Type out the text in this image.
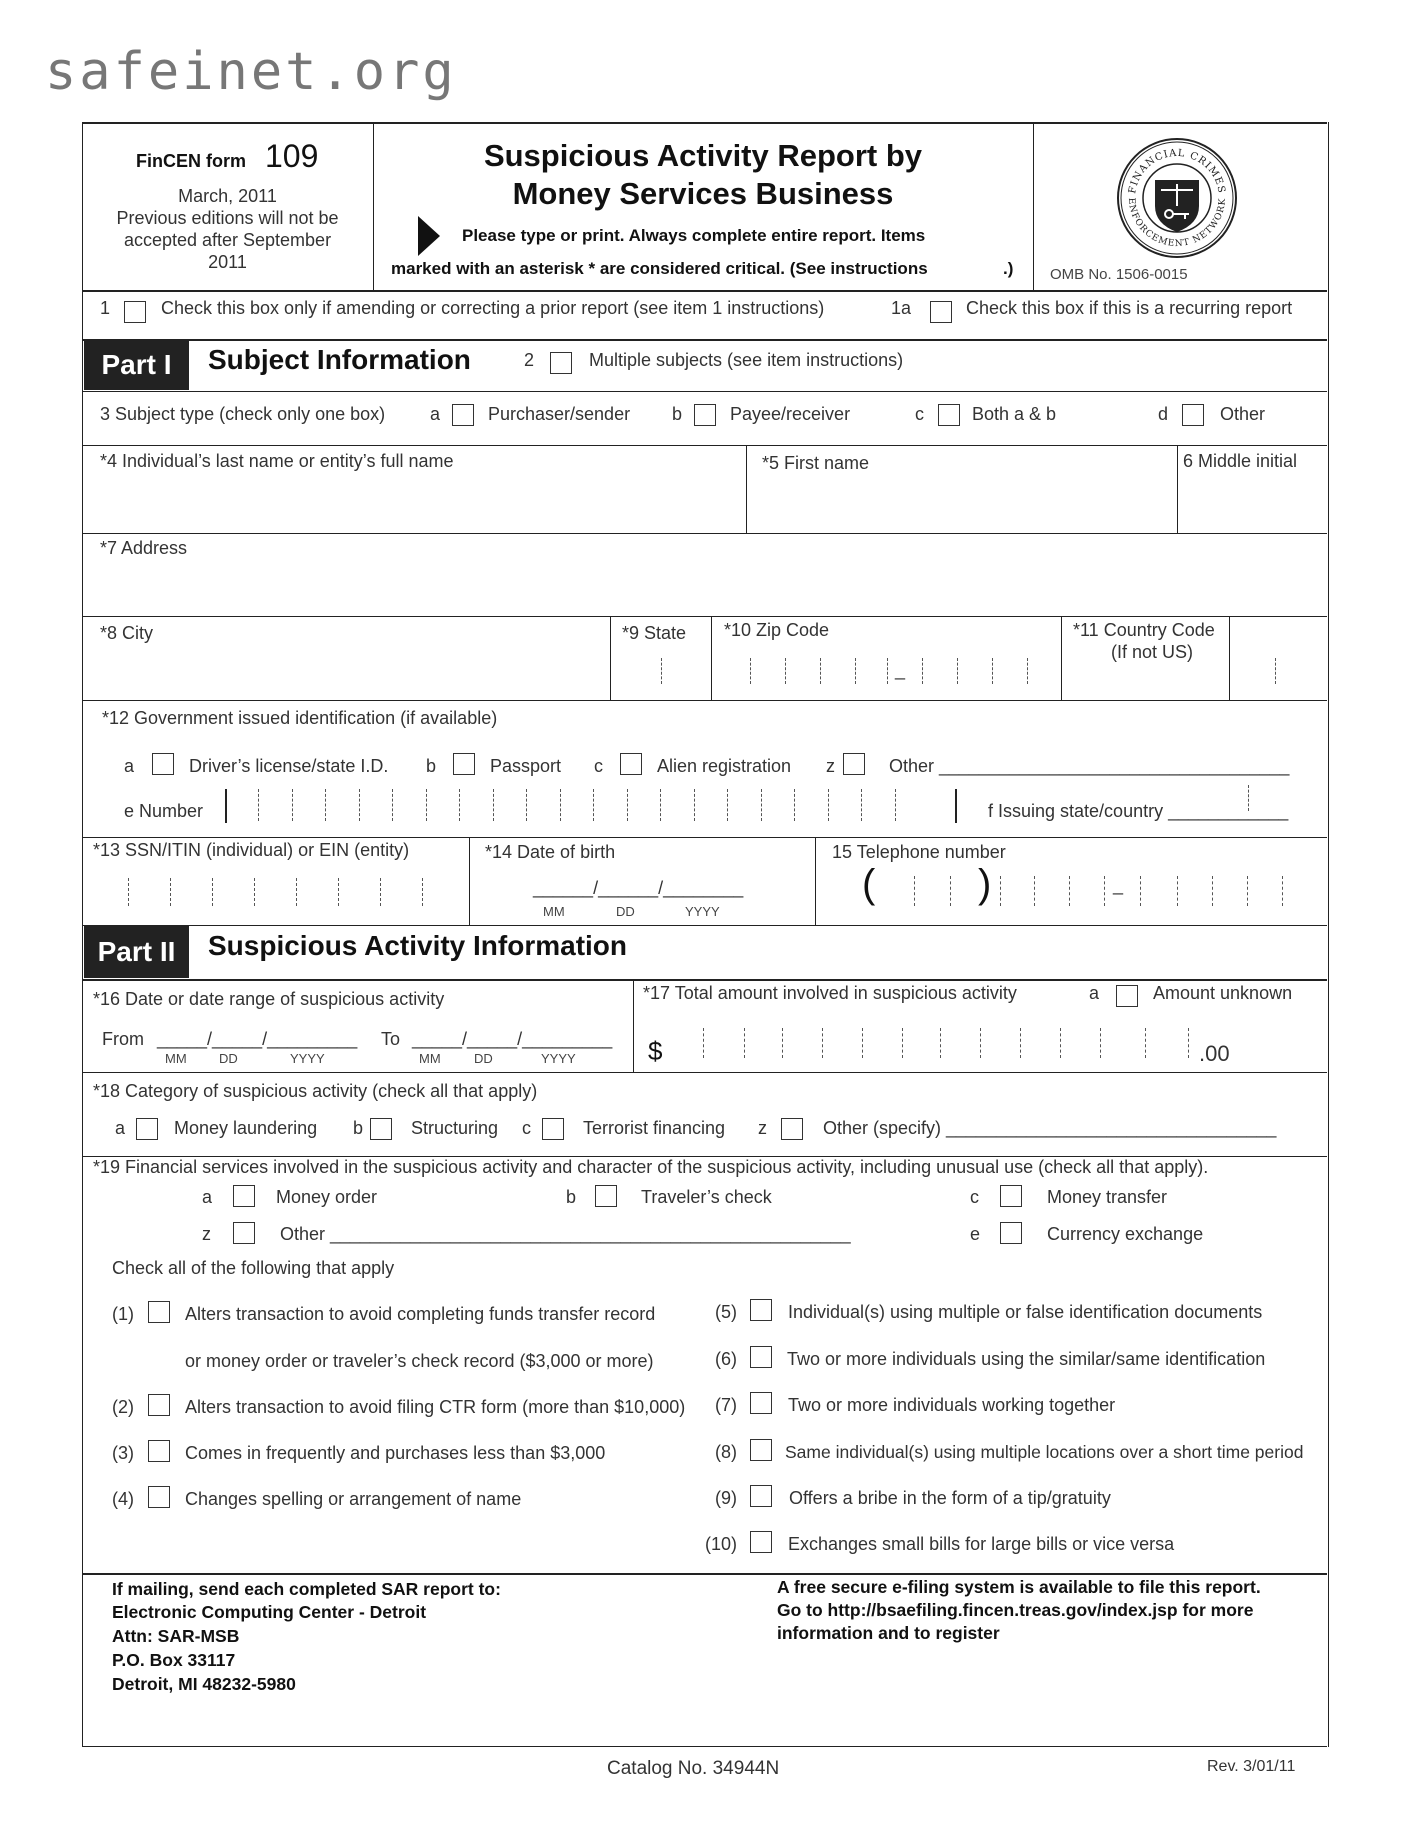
safeinet.org
FinCEN form 109
March, 2011
Previous editions will not be
accepted after September
2011
Suspicious Activity Report by
Money Services Business
Please type or print. Always complete entire report. Items
marked with an asterisk * are considered critical. (See instructions	.)
FINANCIAL CRIMES
ENFORCEMENT NETWORK
OMB No. 1506-0015
1	Check this box only if amending or correcting a prior report (see item 1 instructions)	1a	Check this box if this is a recurring report
Part I	Subject Information	2	Multiple subjects (see item instructions)
3 Subject type (check only one box) a	Purchaser/sender b	Payee/receiver	c	Both a & b	d	Other
*4 Individual’s last name or entity’s full name	*5 First name	6 Middle initial
*7 Address
*8 City	*9 State *10 Zip Code	*11 Country Code
(If not US)
_
*12 Government issued identification (if available)
a	Driver’s license/state I.D. b	Passport c	Alien registration z	Other ___________________________________
e Number	f Issuing state/country ____________
*13 SSN/ITIN (individual) or EIN (entity)	*14 Date of birth
______/______/________
MM	DD	YYYY
15 Telephone number
(	)	_
Part II	Suspicious Activity Information
*16 Date or date range of suspicious activity
From _____/_____/_________
MM DD	YYYY
To _____/_____/_________
MM	DD	YYYY
*17 Total amount involved in suspicious activity	a	Amount unknown
$	.00
*18 Category of suspicious activity (check all that apply)
a	Money laundering b	Structuring c	Terrorist financing z	Other (specify) _________________________________
*19 Financial services involved in the suspicious activity and character of the suspicious activity, including unusual use (check all that apply).
a	Money order	b	Traveler’s check	c	Money transfer
z	Other ____________________________________________________	e	Currency exchange
Check all of the following that apply
(1)	Alters transaction to avoid completing funds transfer record
or money order or traveler’s check record ($3,000 or more)
(2)	Alters transaction to avoid filing CTR form (more than $10,000)
(3)	Comes in frequently and purchases less than $3,000
(4)	Changes spelling or arrangement of name
(5)	Individual(s) using multiple or false identification documents
(6)	Two or more individuals using the similar/same identification
(7)	Two or more individuals working together
(8)	Same individual(s) using multiple locations over a short time period
(9)	Offers a bribe in the form of a tip/gratuity
(10)	Exchanges small bills for large bills or vice versa
If mailing, send each completed SAR report to:
Electronic Computing Center - Detroit
Attn: SAR-MSB
P.O. Box 33117
Detroit, MI 48232-5980
A free secure e-filing system is available to file this report.
Go to http://bsaefiling.fincen.treas.gov/index.jsp for more
information and to register
Catalog No. 34944N	Rev. 3/01/11
